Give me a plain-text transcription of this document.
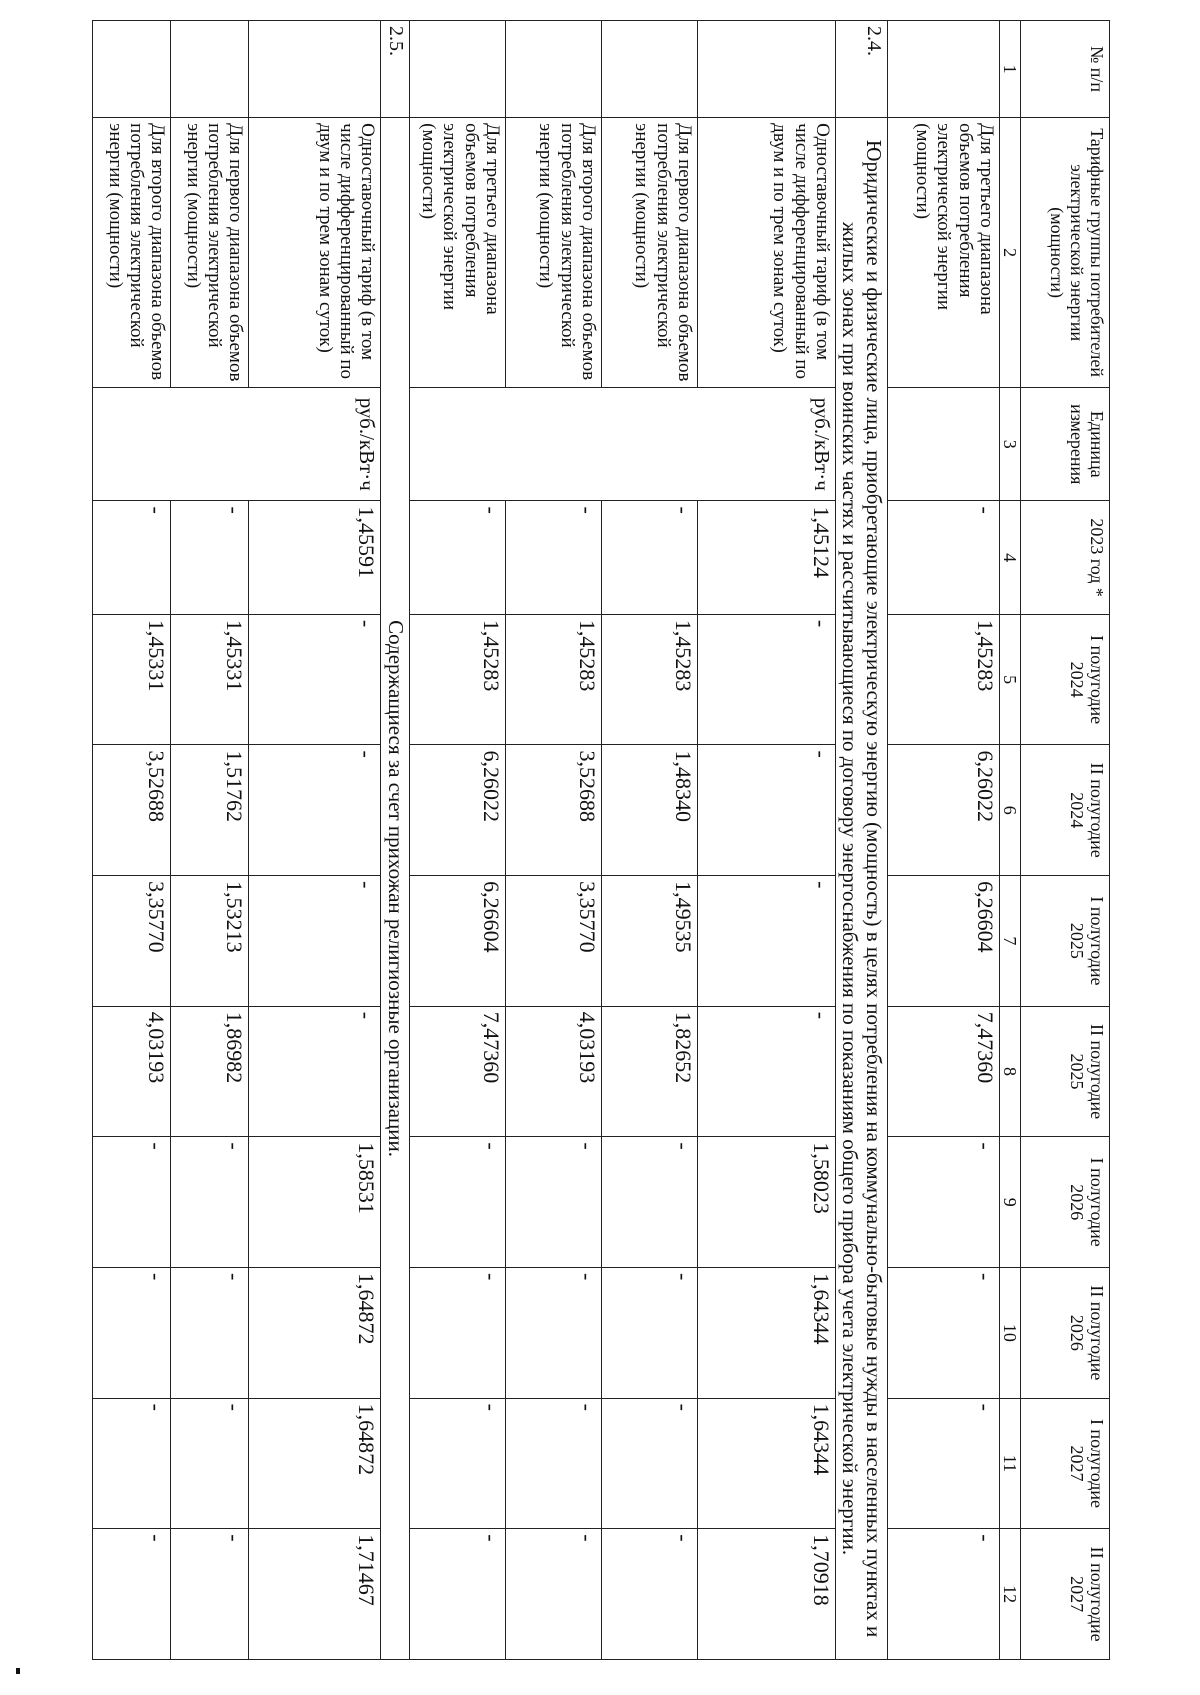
№ п/п	Тарифные группы потребителей электрической энергии (мощности)	Единица измерения	2023 год *	I полугодие 2024	II полугодие 2024	I полугодие 2025	II полугодие 2025	I полугодие 2026	II полугодие 2026	I полугодие 2027	II полугодие 2027
1	2	3	4	5	6	7	8	9	10	11	12
	Для третьего диапазона объемов потребления электрической энергии (мощности)		-	1,45283	6,26022	6,26604	7,47360	-	-	-	-
2.4.	Юридические и физические лица, приобретающие электрическую энергию (мощность) в целях потребления на коммунально-бытовые нужды в населенных пунктах и жилых зонах при воинских частях и рассчитывающиеся по договору энергоснабжения по показаниям общего прибора учета электрической энергии.										
	Одноставочный тариф (в том числе дифференцированный по двум и по трем зонам суток)	руб./кВт·ч	1,45124	-	-	-	-	1,58023	1,64344	1,64344	1,70918
	Для первого диапазона объемов потребления электрической энергии (мощности)		-	1,45283	1,48340	1,49535	1,82652	-	-	-	-
	Для второго диапазона объемов потребления электрической энергии (мощности)		-	1,45283	3,52688	3,35770	4,03193	-	-	-	-
	Для третьего диапазона объемов потребления электрической энергии (мощности)		-	1,45283	6,26022	6,26604	7,47360	-	-	-	-
2.5.	Содержащиеся за счет прихожан религиозные организации.										
	Одноставочный тариф (в том числе дифференцированный по двум и по трем зонам суток)	руб./кВт·ч	1,45591	-	-	-	-	1,58531	1,64872	1,64872	1,71467
	Для первого диапазона объемов потребления электрической энергии (мощности)		-	1,45331	1,51762	1,53213	1,86982	-	-	-	-
	Для второго диапазона объемов потребления электрической энергии (мощности)		-	1,45331	3,52688	3,35770	4,03193	-	-	-	-
